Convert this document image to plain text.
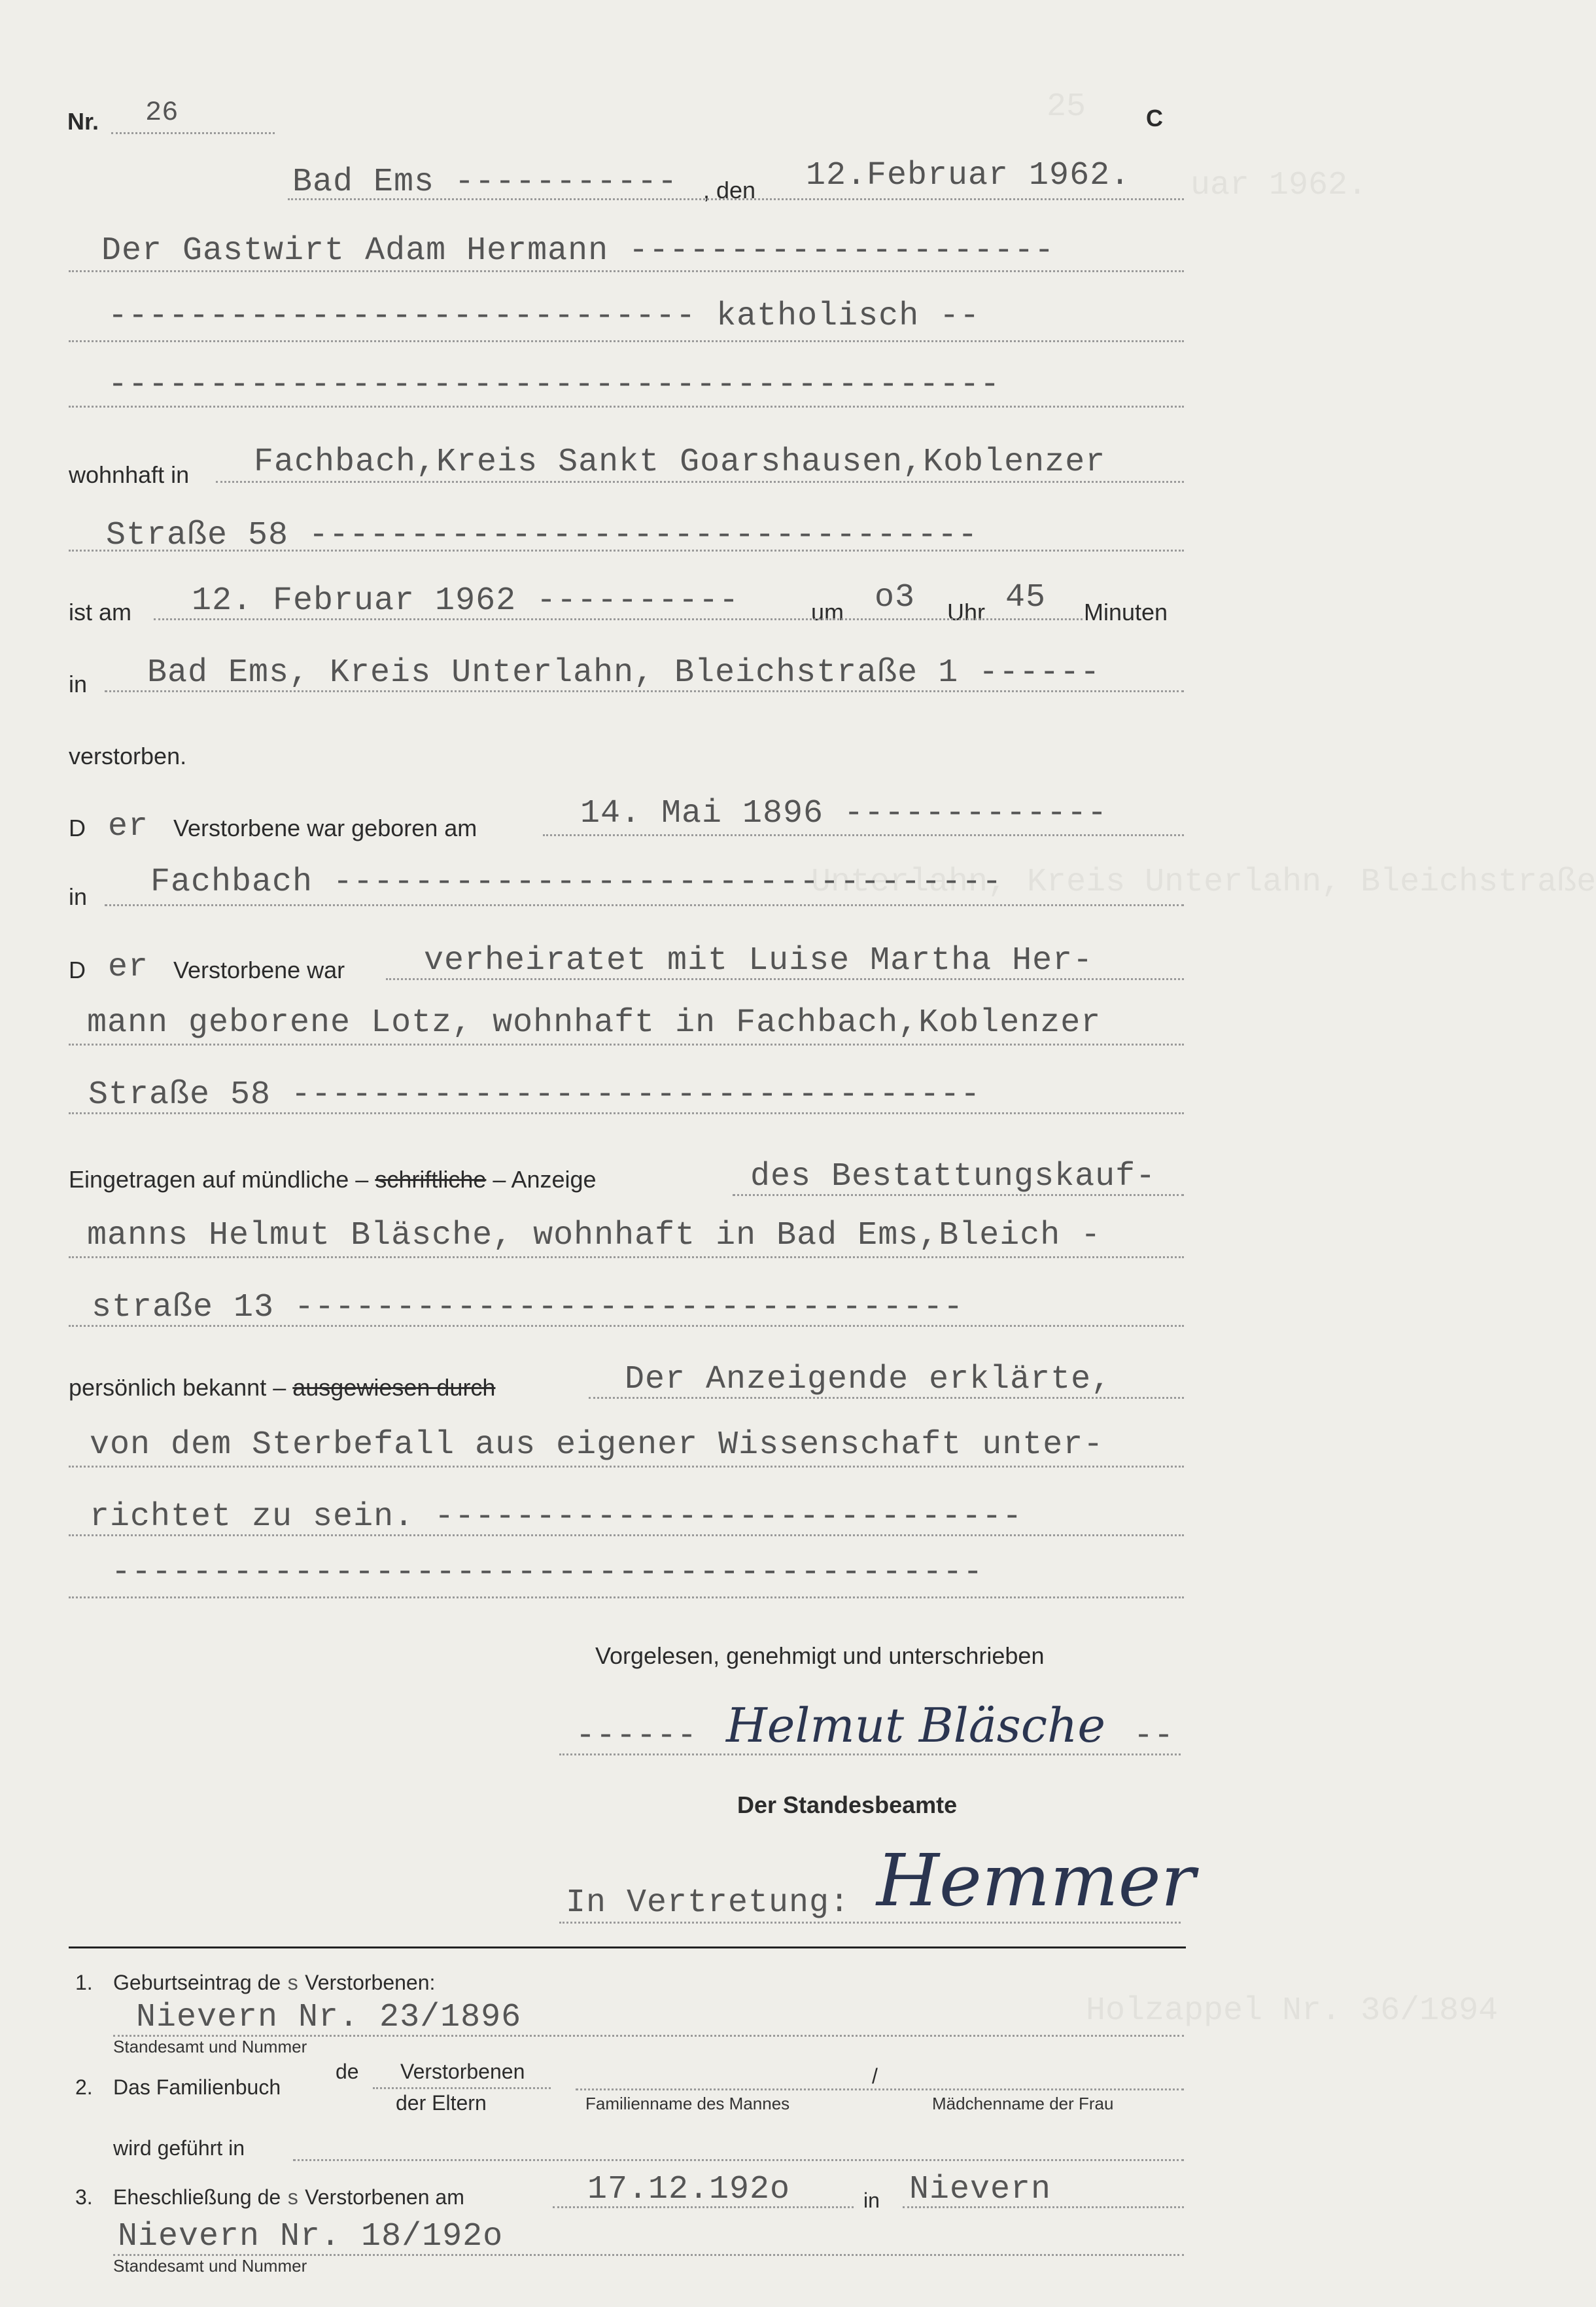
25
uar 1962.
Unterlahn, Kreis Unterlahn, Bleichstraße
Holzappel Nr. 36/1894
Nr. 26	C
Bad Ems ----------- , den 12.Februar 1962.
Der Gastwirt Adam Hermann ---------------------
----------------------------- katholisch --
--------------------------------------------
wohnhaft in Fachbach,Kreis Sankt Goarshausen,Koblenzer
Straße 58 ---------------------------------
ist am 12. Februar 1962 ----------	um o3 Uhr 45 Minuten
in Bad Ems, Kreis Unterlahn, Bleichstraße 1 ------
verstorben.
D er Verstorbene war geboren am	14. Mai 1896 -------------
in Fachbach ---------------------------------
D er Verstorbene war verheiratet mit Luise Martha Her-
mann geborene Lotz, wohnhaft in Fachbach,Koblenzer
Straße 58 ----------------------------------
Eingetragen auf mündliche – schriftliche – Anzeige	des Bestattungskauf-
manns Helmut Bläsche, wohnhaft in Bad Ems,Bleich -
straße 13 ---------------------------------
persönlich bekannt – ausgewiesen durch	Der Anzeigende erklärte,
von dem Sterbefall aus eigener Wissenschaft unter-
richtet zu sein. -----------------------------
-------------------------------------------
Vorgelesen, genehmigt und unterschrieben
------ Helmut Bläsche --
Der Standesbeamte
In Vertretung: Hemmer
1. Geburtseintrag de s Verstorbenen:
Nievern Nr. 23/1896
Standesamt und Nummer
2. Das Familienbuch
de Verstorbenen
der Eltern
/
Familienname des Mannes	Mädchenname der Frau
wird geführt in
3. Eheschließung de s Verstorbenen am	17.12.192o	in Nievern
Nievern Nr. 18/192o
Standesamt und Nummer
